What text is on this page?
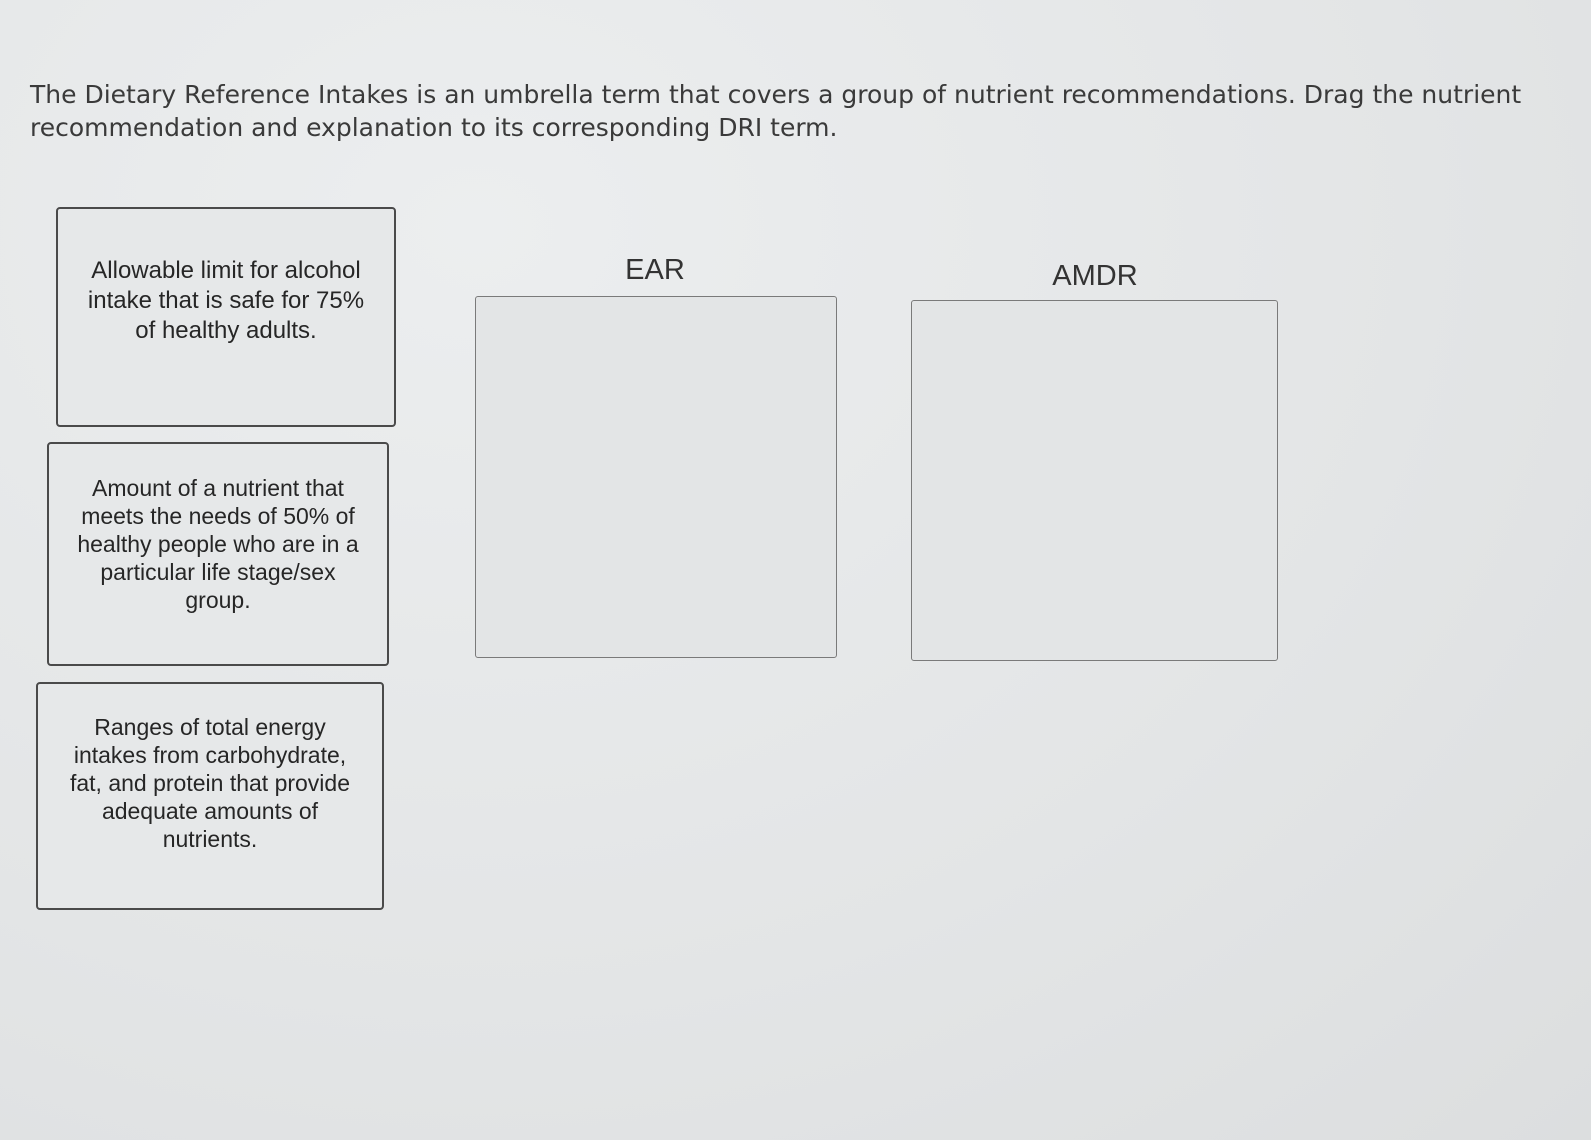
The Dietary Reference Intakes is an umbrella term that covers a group of nutrient recommendations. Drag the nutrient recommendation and explanation to its corresponding DRI term.

Allowable limit for alcohol intake that is safe for 75% of healthy adults.
Amount of a nutrient that meets the needs of 50% of healthy people who are in a particular life stage/sex group.
Ranges of total energy intakes from carbohydrate, fat, and protein that provide adequate amounts of nutrients.
EAR	AMDR
